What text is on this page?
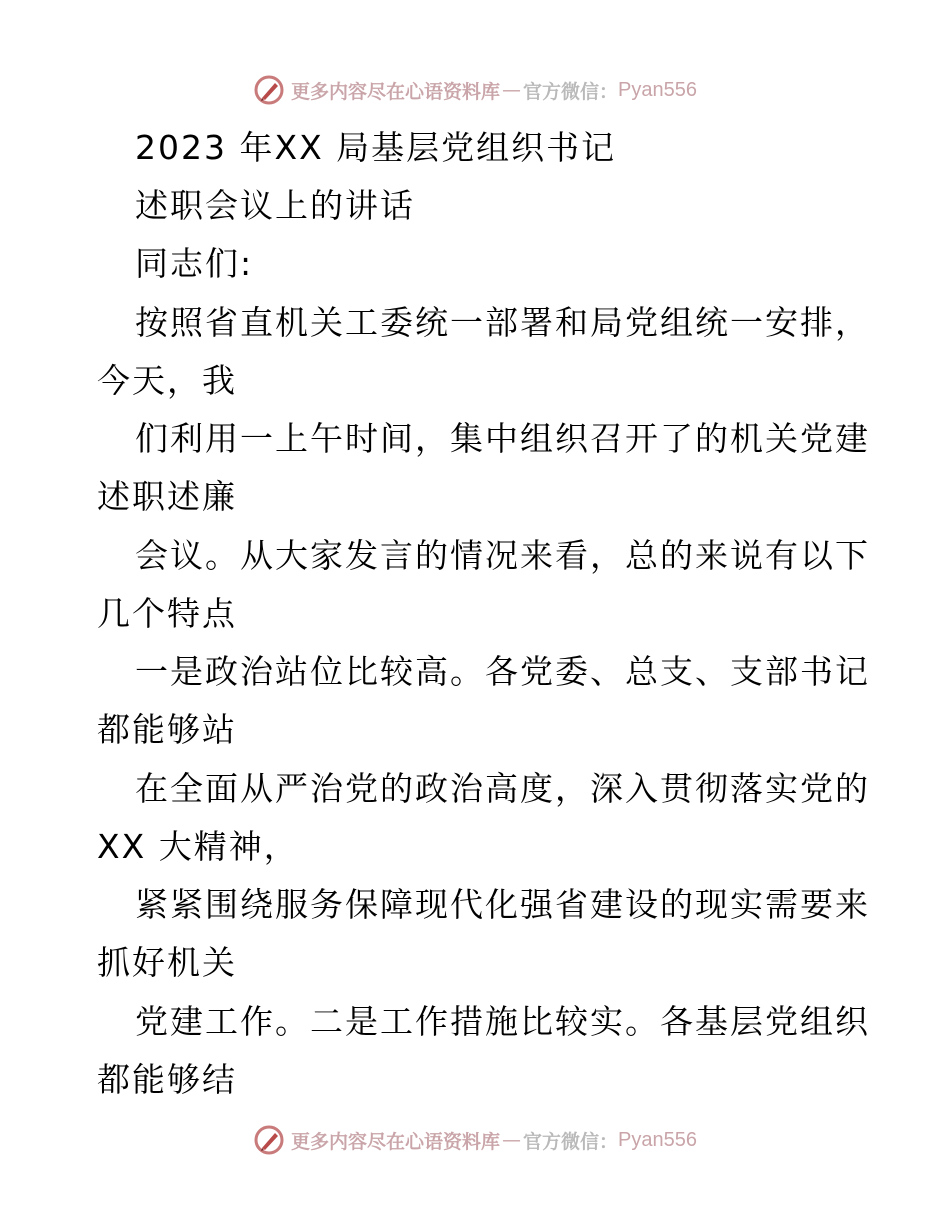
更多内容尽在心语资料库 — 官方微信： Pyan556
2023 年XX 局基层党组织书记
述职会议上的讲话
同志们:
按照省直机关工委统一部署和局党组统一安排，
今天，我
们利用一上午时间，集中组织召开了的机关党建
述职述廉
会议。从大家发言的情况来看，总的来说有以下
几个特点
一是政治站位比较高。各党委、总支、支部书记
都能够站
在全面从严治党的政治高度，深入贯彻落实党的
XX 大精神，
紧紧围绕服务保障现代化强省建设的现实需要来
抓好机关
党建工作。二是工作措施比较实。各基层党组织
都能够结
更多内容尽在心语资料库 — 官方微信： Pyan556
